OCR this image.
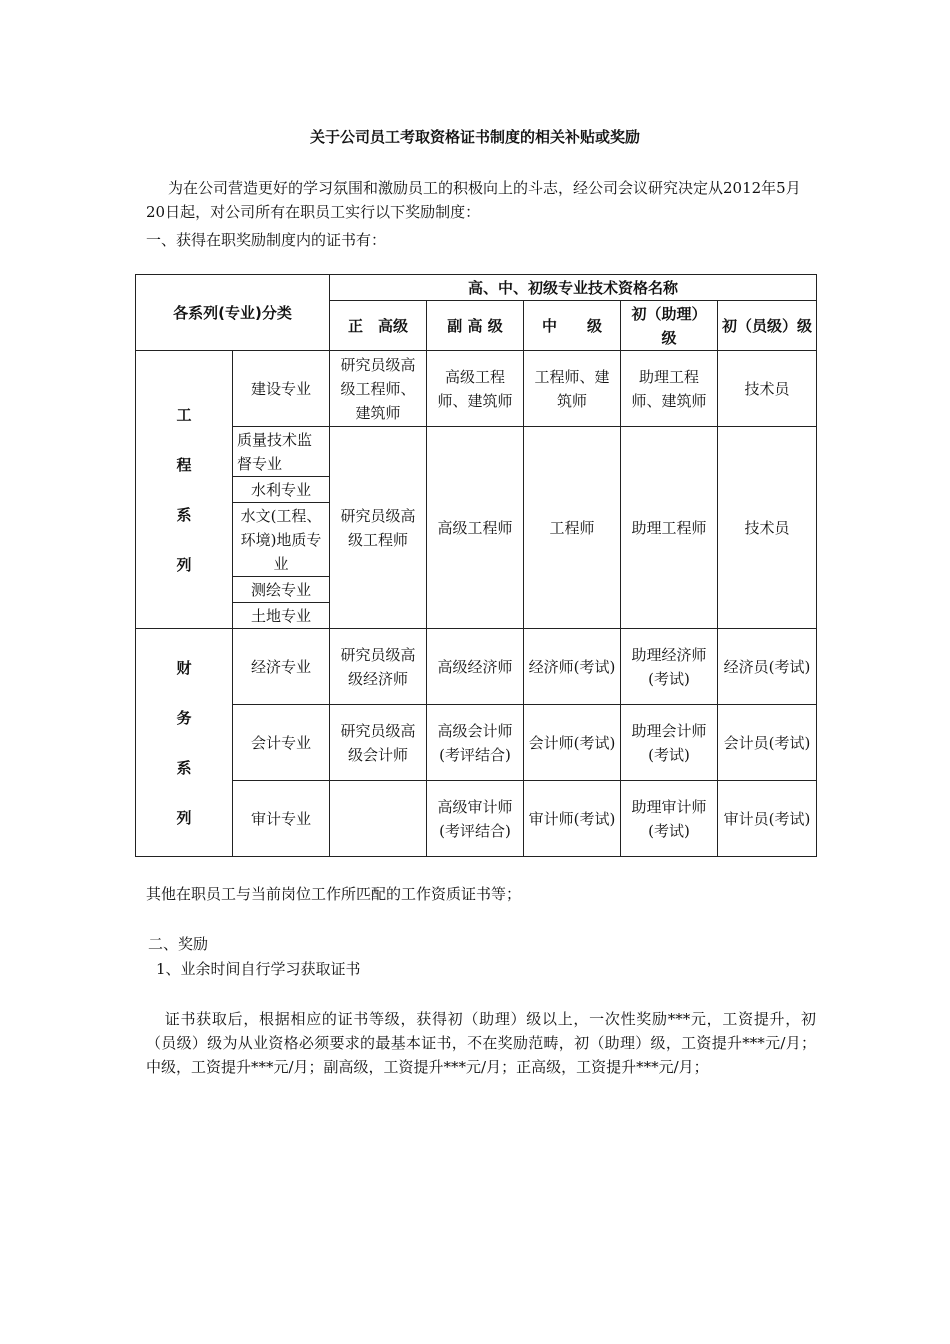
关于公司员工考取资格证书制度的相关补贴或奖励
为在公司营造更好的学习氛围和激励员工的积极向上的斗志，经公司会议研究决定从2012年5月20日起，对公司所有在职员工实行以下奖励制度：
一、获得在职奖励制度内的证书有：
各系列(专业)分类		高、中、初级专业技术资格名称				
		正　高级	副 高 级	中　　级	初（助理）级	初（员级）级

工
程
系
列	建设专业	研究员级高级工程师、建筑师	高级工程师、建筑师	工程师、建筑师	助理工程师、建筑师	技术员
	质量技术监督专业	研究员级高级工程师	高级工程师	工程师	助理工程师	技术员
	水利专业					
	水文(工程、环境)地质专业					
	测绘专业					
	土地专业					

财
务
系
列	经济专业	研究员级高级经济师	高级经济师	经济师(考试)	助理经济师(考试)	经济员(考试)
	会计专业	研究员级高级会计师	高级会计师(考评结合)	会计师(考试)	助理会计师(考试)	会计员(考试)
	审计专业		高级审计师(考评结合)	审计师(考试)	助理审计师(考试)	审计员(考试)
其他在职员工与当前岗位工作所匹配的工作资质证书等；
二、奖励
1、业余时间自行学习获取证书
证书获取后，根据相应的证书等级，获得初（助理）级以上，一次性奖励***元，工资提升，初（员级）级为从业资格必须要求的最基本证书，不在奖励范畴，初（助理）级，工资提升***元/月；中级，工资提升***元/月；副高级，工资提升***元/月；正高级，工资提升***元/月；
